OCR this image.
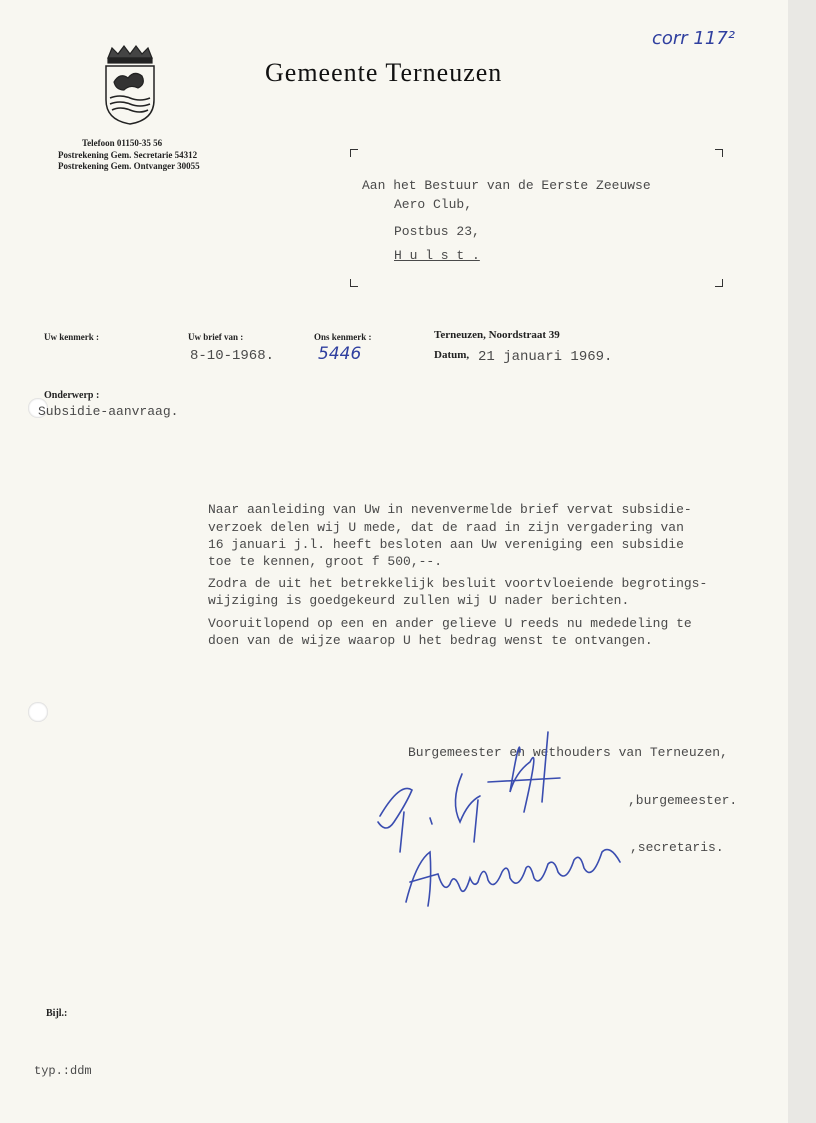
Gemeente Terneuzen
Telefoon 01150-35 56
Postrekening Gem. Secretarie 54312
Postrekening Gem. Ontvanger 30055
corr 117²
Aan het Bestuur van de Eerste Zeeuwse
Aero Club,
Postbus 23,
H u l s t .
Uw kenmerk :	Uw brief van :
8-10-1968.
Ons kenmerk :
5446
Terneuzen, Noordstraat 39
Datum, 21 januari 1969.
Onderwerp :
Subsidie-aanvraag.
Naar aanleiding van Uw in nevenvermelde brief vervat subsidie-
verzoek delen wij U mede, dat de raad in zijn vergadering van
16 januari j.l. heeft besloten aan Uw vereniging een subsidie
toe te kennen, groot f 500,--.
Zodra de uit het betrekkelijk besluit voortvloeiende begrotings-
wijziging is goedgekeurd zullen wij U nader berichten.
Vooruitlopend op een en ander gelieve U reeds nu mededeling te
doen van de wijze waarop U het bedrag wenst te ontvangen.
Burgemeester en wethouders van Terneuzen,
,burgemeester.
,secretaris.
Bijl.:
typ.:ddm
